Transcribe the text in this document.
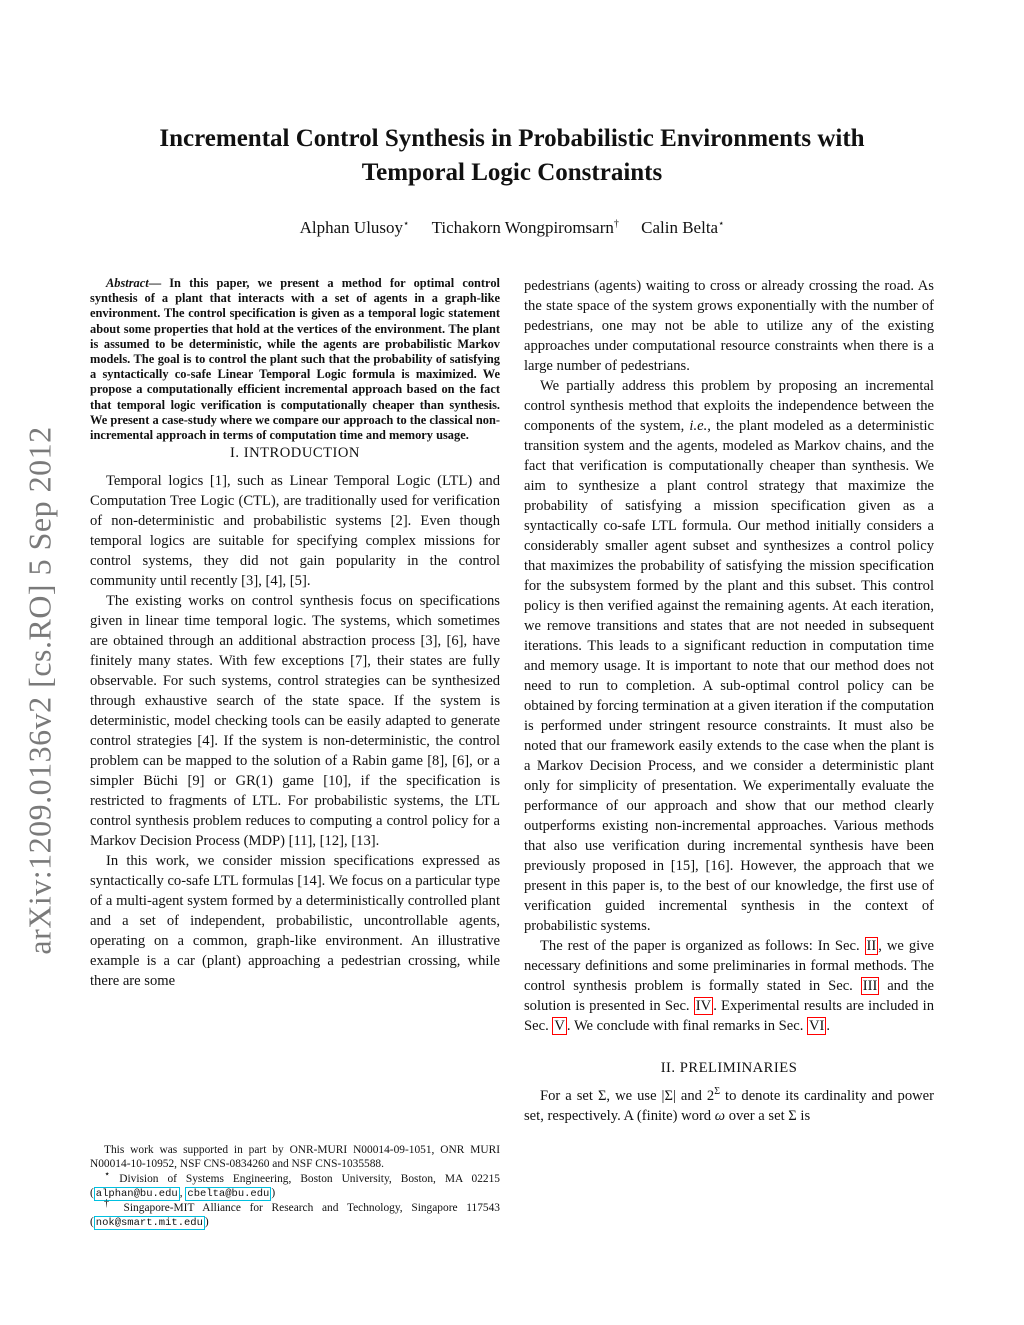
arXiv:1209.0136v2 [cs.RO] 5 Sep 2012
Incremental Control Synthesis in Probabilistic Environments with
Temporal Logic Constraints
Alphan Ulusoy⋆ Tichakorn Wongpiromsarn† Calin Belta⋆

Abstract— In this paper, we present a method for optimal control synthesis of a plant that interacts with a set of agents in a graph-like environment. The control specification is given as a temporal logic statement about some properties that hold at the vertices of the environment. The plant is assumed to be deterministic, while the agents are probabilistic Markov models. The goal is to control the plant such that the probability of satisfying a syntactically co-safe Linear Temporal Logic formula is maximized. We propose a computationally efficient incremental approach based on the fact that temporal logic verification is computationally cheaper than synthesis. We present a case-study where we compare our approach to the classical non-incremental approach in terms of computation time and memory usage.

I. INTRODUCTION

Temporal logics [1], such as Linear Temporal Logic (LTL) and Computation Tree Logic (CTL), are traditionally used for verification of non-deterministic and probabilistic systems [2]. Even though temporal logics are suitable for specifying complex missions for control systems, they did not gain popularity in the control community until recently [3], [4], [5].

The existing works on control synthesis focus on specifications given in linear time temporal logic. The systems, which sometimes are obtained through an additional abstraction process [3], [6], have finitely many states. With few exceptions [7], their states are fully observable. For such systems, control strategies can be synthesized through exhaustive search of the state space. If the system is deterministic, model checking tools can be easily adapted to generate control strategies [4]. If the system is non-deterministic, the control problem can be mapped to the solution of a Rabin game [8], [6], or a simpler Büchi [9] or GR(1) game [10], if the specification is restricted to fragments of LTL. For probabilistic systems, the LTL control synthesis problem reduces to computing a control policy for a Markov Decision Process (MDP) [11], [12], [13].

In this work, we consider mission specifications expressed as syntactically co-safe LTL formulas [14]. We focus on a particular type of a multi-agent system formed by a deterministically controlled plant and a set of independent, probabilistic, uncontrollable agents, operating on a common, graph-like environment. An illustrative example is a car (plant) approaching a pedestrian crossing, while there are some

pedestrians (agents) waiting to cross or already crossing the road. As the state space of the system grows exponentially with the number of pedestrians, one may not be able to utilize any of the existing approaches under computational resource constraints when there is a large number of pedestrians.

We partially address this problem by proposing an incremental control synthesis method that exploits the independence between the components of the system, i.e., the plant modeled as a deterministic transition system and the agents, modeled as Markov chains, and the fact that verification is computationally cheaper than synthesis. We aim to synthesize a plant control strategy that maximize the probability of satisfying a mission specification given as a syntactically co-safe LTL formula. Our method initially considers a considerably smaller agent subset and synthesizes a control policy that maximizes the probability of satisfying the mission specification for the subsystem formed by the plant and this subset. This control policy is then verified against the remaining agents. At each iteration, we remove transitions and states that are not needed in subsequent iterations. This leads to a significant reduction in computation time and memory usage. It is important to note that our method does not need to run to completion. A sub-optimal control policy can be obtained by forcing termination at a given iteration if the computation is performed under stringent resource constraints. It must also be noted that our framework easily extends to the case when the plant is a Markov Decision Process, and we consider a deterministic plant only for simplicity of presentation. We experimentally evaluate the performance of our approach and show that our method clearly outperforms existing non-incremental approaches. Various methods that also use verification during incremental synthesis have been previously proposed in [15], [16]. However, the approach that we present in this paper is, to the best of our knowledge, the first use of verification guided incremental synthesis in the context of probabilistic systems.

The rest of the paper is organized as follows: In Sec. II , we give necessary definitions and some preliminaries in formal methods. The control synthesis problem is formally stated in Sec. III and the solution is presented in Sec. IV . Experimental results are included in Sec. V . We conclude with final remarks in Sec. VI .

II. PRELIMINARIES

For a set Σ, we use |Σ| and $2^\Sigma$ to denote its cardinality and power set, respectively. A (finite) word ω over a set Σ is

This work was supported in part by ONR-MURI N00014-09-1051, ONR MURI N00014-10-10952, NSF CNS-0834260 and NSF CNS-1035588.

⋆ Division of Systems Engineering, Boston University, Boston, MA 02215 ( alphan@bu.edu , cbelta@bu.edu )

† Singapore-MIT Alliance for Research and Technology, Singapore 117543 ( nok@smart.mit.edu )
